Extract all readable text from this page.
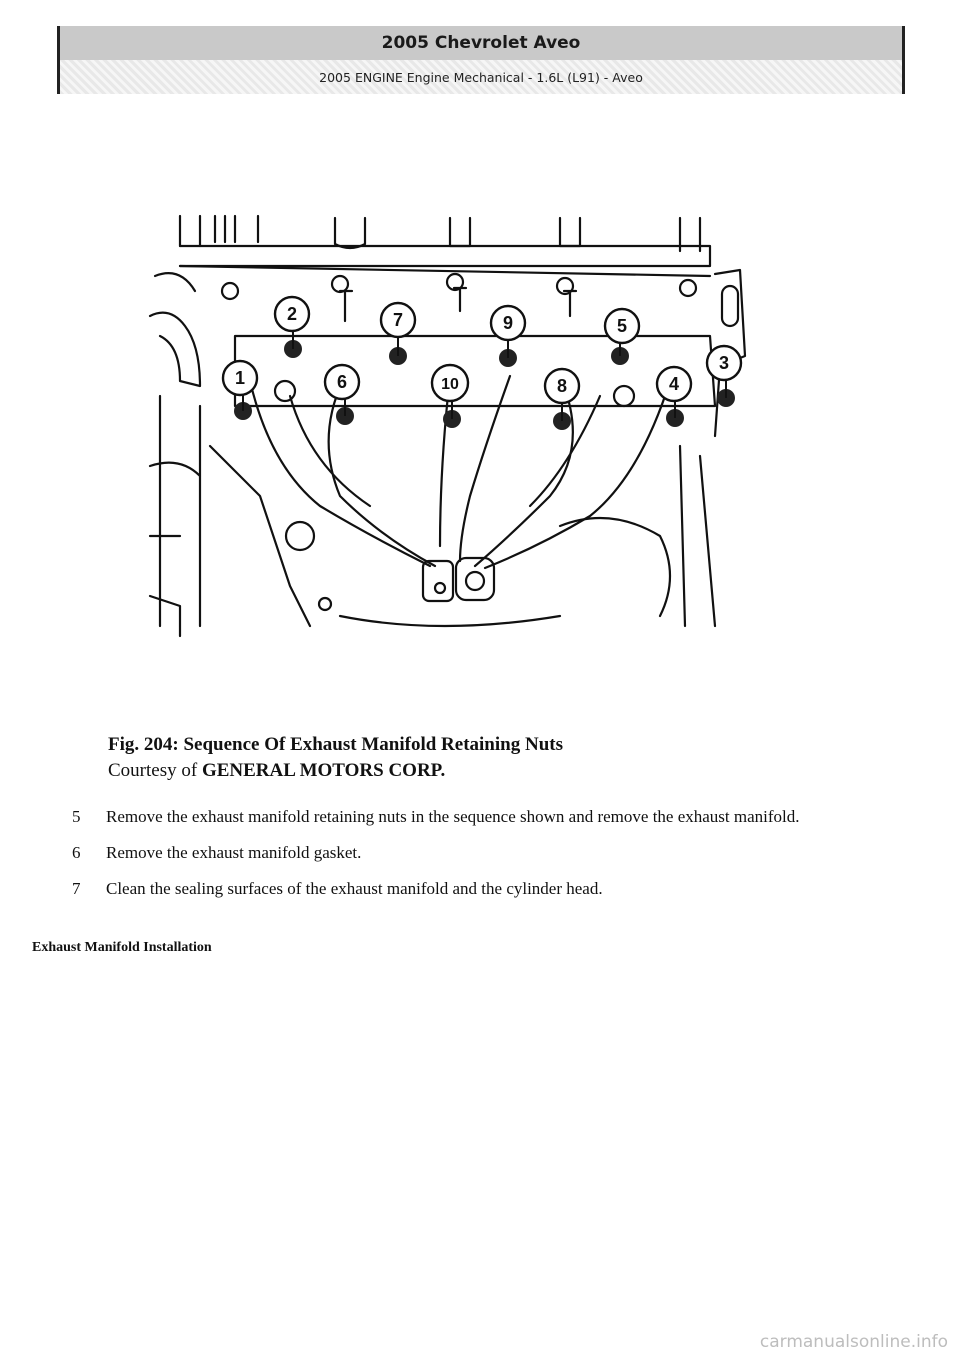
2005 Chevrolet Aveo
2005 ENGINE Engine Mechanical - 1.6L (L91) - Aveo
1
2
3
4
5
6
7
8
9
10
Fig. 204: Sequence Of Exhaust Manifold Retaining Nuts
Courtesy of GENERAL MOTORS CORP.
5	Remove the exhaust manifold retaining nuts in the sequence shown and remove the exhaust manifold.
6	Remove the exhaust manifold gasket.
7	Clean the sealing surfaces of the exhaust manifold and the cylinder head.
Exhaust Manifold Installation
carmanualsonline.info
